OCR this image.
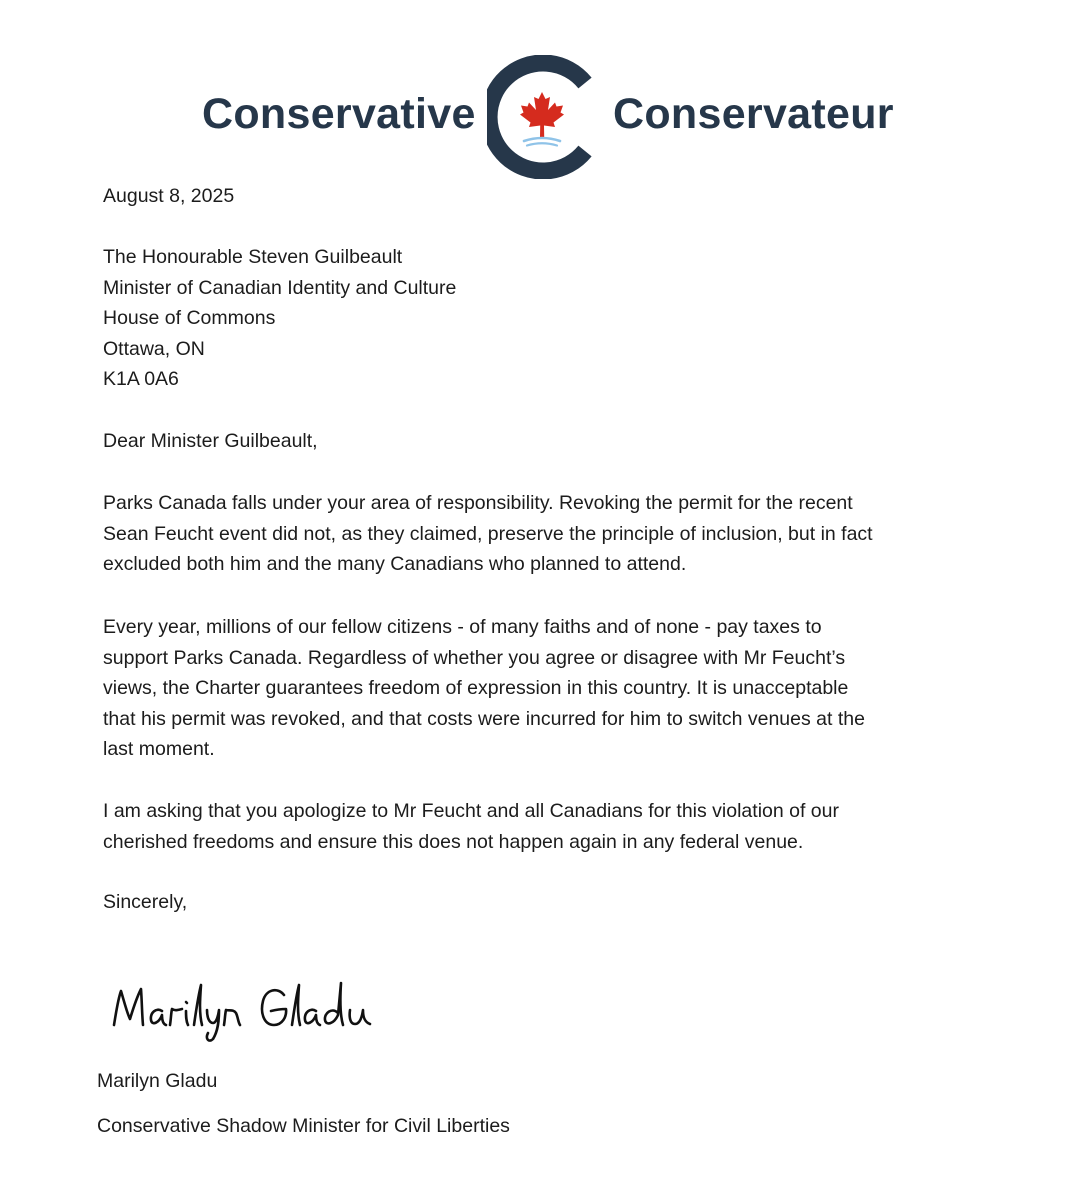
Conservative	Conservateur
August 8, 2025
The Honourable Steven Guilbeault
Minister of Canadian Identity and Culture
House of Commons
Ottawa, ON
K1A 0A6
Dear Minister Guilbeault,
Parks Canada falls under your area of responsibility. Revoking the permit for the recent
Sean Feucht event did not, as they claimed, preserve the principle of inclusion, but in fact
excluded both him and the many Canadians who planned to attend.
Every year, millions of our fellow citizens - of many faiths and of none - pay taxes to
support Parks Canada. Regardless of whether you agree or disagree with Mr Feucht’s
views, the Charter guarantees freedom of expression in this country. It is unacceptable
that his permit was revoked, and that costs were incurred for him to switch venues at the
last moment.
I am asking that you apologize to Mr Feucht and all Canadians for this violation of our
cherished freedoms and ensure this does not happen again in any federal venue.
Sincerely,
Marilyn Gladu
Conservative Shadow Minister for Civil Liberties
